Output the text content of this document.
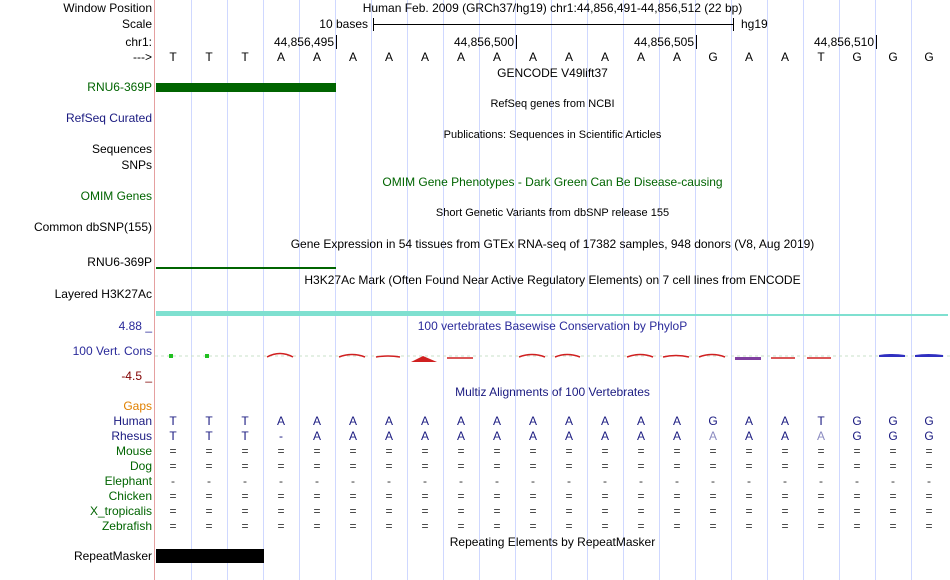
Window Position	Human Feb. 2009 (GRCh37/hg19) chr1:44,856,491-44,856,512 (22 bp)
Scale	10 bases	hg19
chr1:	44,856,495	44,856,500	44,856,505	44,856,510
--->	T	T	T	A	A	A	A	A	A	A	A	A	A	A	A	G	A	A	T	G	G	G
GENCODE V49lift37
RNU6-369P
RefSeq genes from NCBI
RefSeq Curated
Publications: Sequences in Scientific Articles
Sequences
SNPs
OMIM Gene Phenotypes - Dark Green Can Be Disease-causing
OMIM Genes
Short Genetic Variants from dbSNP release 155
Common dbSNP(155)
Gene Expression in 54 tissues from GTEx RNA-seq of 17382 samples, 948 donors (V8, Aug 2019)
RNU6-369P
H3K27Ac Mark (Often Found Near Active Regulatory Elements) on 7 cell lines from ENCODE
Layered H3K27Ac
100 vertebrates Basewise Conservation by PhyloP
4.88 _
100 Vert. Cons
-4.5 _
Multiz Alignments of 100 Vertebrates
Gaps
Human	T	T	T	A	A	A	A	A	A	A	A	A	A	A	A	G	A	A	T	G	G	G
Rhesus	T	T	T	-	A	A	A	A	A	A	A	A	A	A	A	A	A	A	A	G	G	G
Mouse	=	=	=	=	=	=	=	=	=	=	=	=	=	=	=	=	=	=	=	=	=	=
Dog	=	=	=	=	=	=	=	=	=	=	=	=	=	=	=	=	=	=	=	=	=	=
Elephant	-	-	-	-	-	-	-	-	-	-	-	-	-	-	-	-	-	-	-	-	-	-
Chicken	=	=	=	=	=	=	=	=	=	=	=	=	=	=	=	=	=	=	=	=	=	=
X_tropicalis	=	=	=	=	=	=	=	=	=	=	=	=	=	=	=	=	=	=	=	=	=	=
Zebrafish	=	=	=	=	=	=	=	=	=	=	=	=	=	=	=	=	=	=	=	=	=	=
Repeating Elements by RepeatMasker
RepeatMasker
